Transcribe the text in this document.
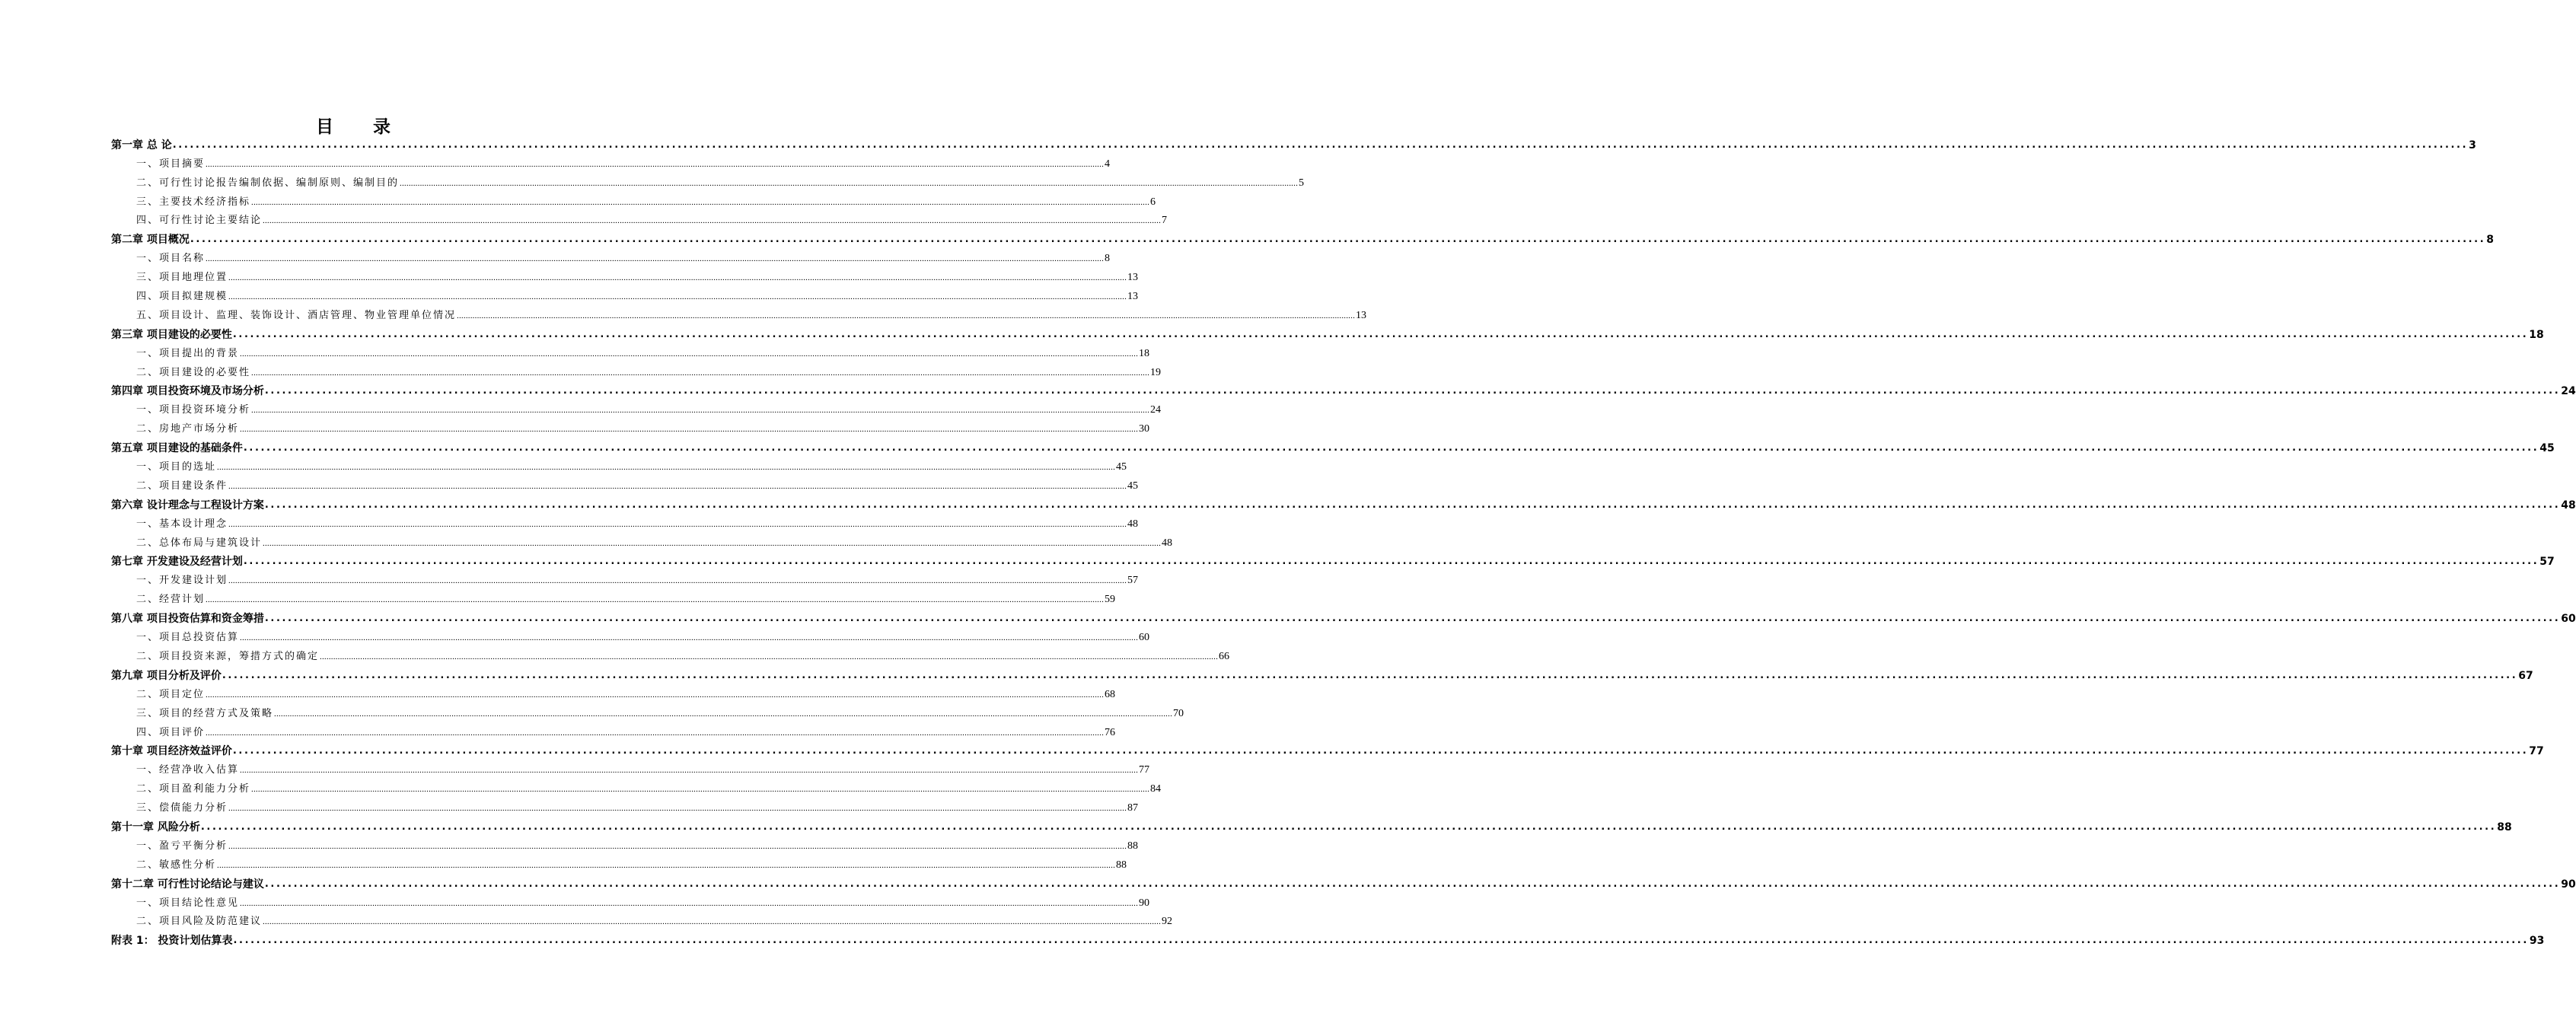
目 录
第一章 总 论 ................................................................................................................................................................................................................................................................................................................................................................................................................ 3
一、项目摘要 ................................................................................................................................................................................................................................................................................................................................................................................................................ 4
二、可行性讨论报告编制依据、编制原则、编制目的 ................................................................................................................................................................................................................................................................................................................................................................................................................ 5
三、主要技术经济指标 ................................................................................................................................................................................................................................................................................................................................................................................................................ 6
四、可行性讨论主要结论 ................................................................................................................................................................................................................................................................................................................................................................................................................ 7
第二章 项目概况 ................................................................................................................................................................................................................................................................................................................................................................................................................ 8
一、项目名称 ................................................................................................................................................................................................................................................................................................................................................................................................................ 8
三、项目地理位置 ................................................................................................................................................................................................................................................................................................................................................................................................................ 13
四、项目拟建规模 ................................................................................................................................................................................................................................................................................................................................................................................................................ 13
五、项目设计、监理、装饰设计、酒店管理、物业管理单位情况 ................................................................................................................................................................................................................................................................................................................................................................................................................ 13
第三章 项目建设的必要性 ................................................................................................................................................................................................................................................................................................................................................................................................................ 18
一、项目提出的背景 ................................................................................................................................................................................................................................................................................................................................................................................................................ 18
二、项目建设的必要性 ................................................................................................................................................................................................................................................................................................................................................................................................................ 19
第四章 项目投资环境及市场分析 ................................................................................................................................................................................................................................................................................................................................................................................................................ 24
一、项目投资环境分析 ................................................................................................................................................................................................................................................................................................................................................................................................................ 24
二、房地产市场分析 ................................................................................................................................................................................................................................................................................................................................................................................................................ 30
第五章 项目建设的基础条件 ................................................................................................................................................................................................................................................................................................................................................................................................................ 45
一、项目的选址 ................................................................................................................................................................................................................................................................................................................................................................................................................ 45
二、项目建设条件 ................................................................................................................................................................................................................................................................................................................................................................................................................ 45
第六章 设计理念与工程设计方案 ................................................................................................................................................................................................................................................................................................................................................................................................................ 48
一、基本设计理念 ................................................................................................................................................................................................................................................................................................................................................................................................................ 48
二、总体布局与建筑设计 ................................................................................................................................................................................................................................................................................................................................................................................................................ 48
第七章 开发建设及经营计划 ................................................................................................................................................................................................................................................................................................................................................................................................................ 57
一、开发建设计划 ................................................................................................................................................................................................................................................................................................................................................................................................................ 57
二、经营计划 ................................................................................................................................................................................................................................................................................................................................................................................................................ 59
第八章 项目投资估算和资金筹措 ................................................................................................................................................................................................................................................................................................................................................................................................................ 60
一、项目总投资估算 ................................................................................................................................................................................................................................................................................................................................................................................................................ 60
二、项目投资来源，筹措方式的确定 ................................................................................................................................................................................................................................................................................................................................................................................................................ 66
第九章 项目分析及评价 ................................................................................................................................................................................................................................................................................................................................................................................................................ 67
二、项目定位 ................................................................................................................................................................................................................................................................................................................................................................................................................ 68
三、项目的经营方式及策略 ................................................................................................................................................................................................................................................................................................................................................................................................................ 70
四、项目评价 ................................................................................................................................................................................................................................................................................................................................................................................................................ 76
第十章 项目经济效益评价 ................................................................................................................................................................................................................................................................................................................................................................................................................ 77
一、经营净收入估算 ................................................................................................................................................................................................................................................................................................................................................................................................................ 77
二、项目盈利能力分析 ................................................................................................................................................................................................................................................................................................................................................................................................................ 84
三、偿债能力分析 ................................................................................................................................................................................................................................................................................................................................................................................................................ 87
第十一章 风险分析 ................................................................................................................................................................................................................................................................................................................................................................................................................ 88
一、盈亏平衡分析 ................................................................................................................................................................................................................................................................................................................................................................................................................ 88
二、敏感性分析 ................................................................................................................................................................................................................................................................................................................................................................................................................ 88
第十二章 可行性讨论结论与建议 ................................................................................................................................................................................................................................................................................................................................................................................................................ 90
一、项目结论性意见 ................................................................................................................................................................................................................................................................................................................................................................................................................ 90
二、项目风险及防范建议 ................................................................................................................................................................................................................................................................................................................................................................................................................ 92
附表 1： 投资计划估算表 ................................................................................................................................................................................................................................................................................................................................................................................................................ 93
